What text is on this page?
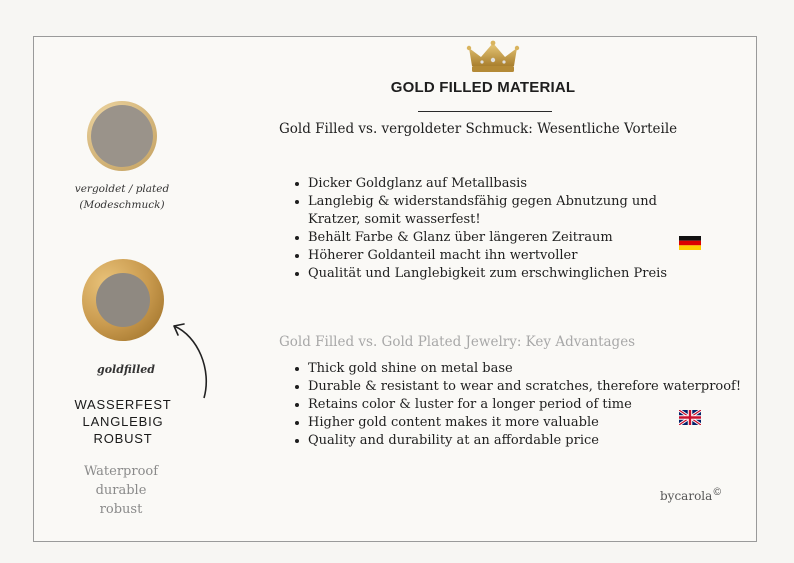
GOLD FILLED MATERIAL
Gold Filled vs. vergoldeter Schmuck: Wesentliche Vorteile
Dicker Goldglanz auf Metallbasis
Langlebig & widerstandsfähig gegen Abnutzung und
Kratzer, somit wasserfest!
Behält Farbe & Glanz über längeren Zeitraum
Höherer Goldanteil macht ihn wertvoller
Qualität und Langlebigkeit zum erschwinglichen Preis
Gold Filled vs. Gold Plated Jewelry: Key Advantages
Thick gold shine on metal base
Durable & resistant to wear and scratches, therefore waterproof!
Retains color & luster for a longer period of time
Higher gold content makes it more valuable
Quality and durability at an affordable price
vergoldet / plated
(Modeschmuck)
goldfilled
WASSERFEST
LANGLEBIG
ROBUST
Waterproof
durable
robust
bycarola©
